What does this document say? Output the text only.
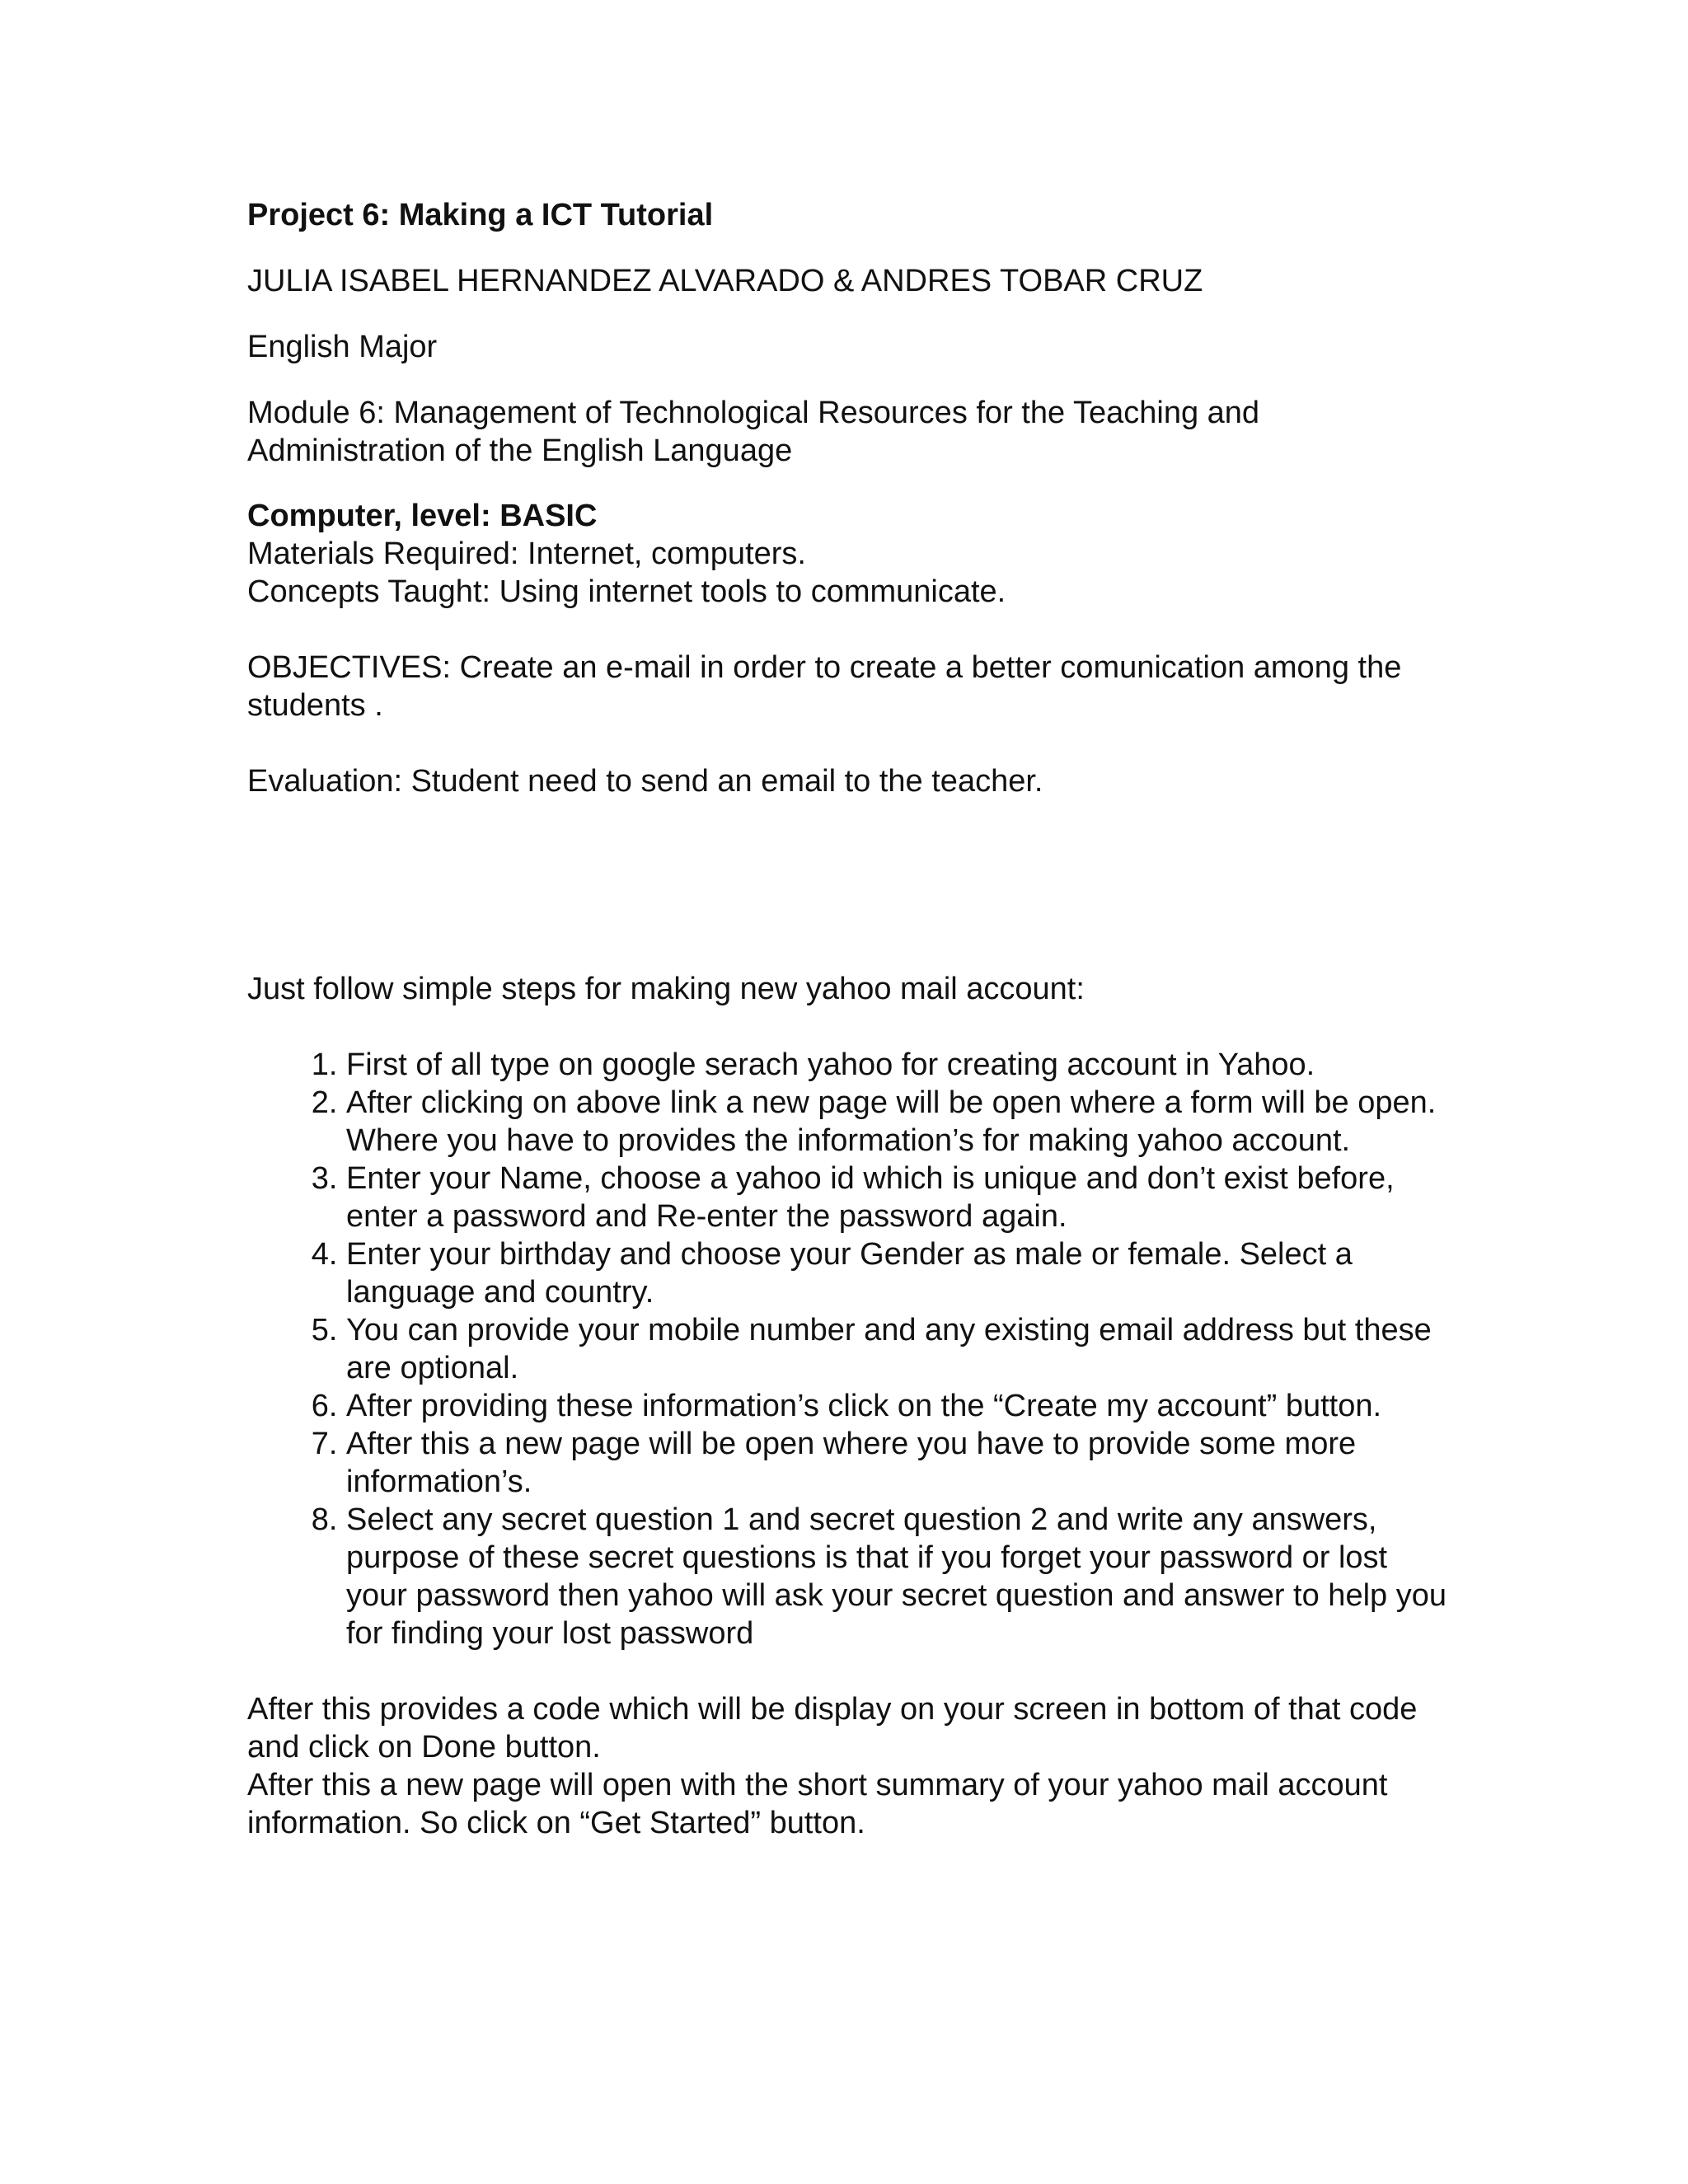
Project 6: Making a ICT Tutorial

JULIA ISABEL HERNANDEZ ALVARADO & ANDRES TOBAR CRUZ

English Major

Module 6: Management of Technological Resources for the Teaching and Administration of the English Language

Computer, level: BASIC

Materials Required: Internet, computers.

Concepts Taught: Using internet tools to communicate.

OBJECTIVES: Create an e-mail in order to create a better comunication among the students .

Evaluation: Student need to send an email to the teacher.

Just follow simple steps for making new yahoo mail account:

1. First of all type on google serach yahoo for creating account in Yahoo.
2. After clicking on above link a new page will be open where a form will be open. Where you have to provides the information’s for making yahoo account.
3. Enter your Name, choose a yahoo id which is unique and don’t exist before, enter a password and Re-enter the password again.
4. Enter your birthday and choose your Gender as male or female. Select a language and country.
5. You can provide your mobile number and any existing email address but these are optional.
6. After providing these information’s click on the “Create my account” button.
7. After this a new page will be open where you have to provide some more information’s.
8. Select any secret question 1 and secret question 2 and write any answers, purpose of these secret questions is that if you forget your password or lost your password then yahoo will ask your secret question and answer to help you for finding your lost password

After this provides a code which will be display on your screen in bottom of that code and click on Done button.

After this a new page will open with the short summary of your yahoo mail account information. So click on “Get Started” button.
